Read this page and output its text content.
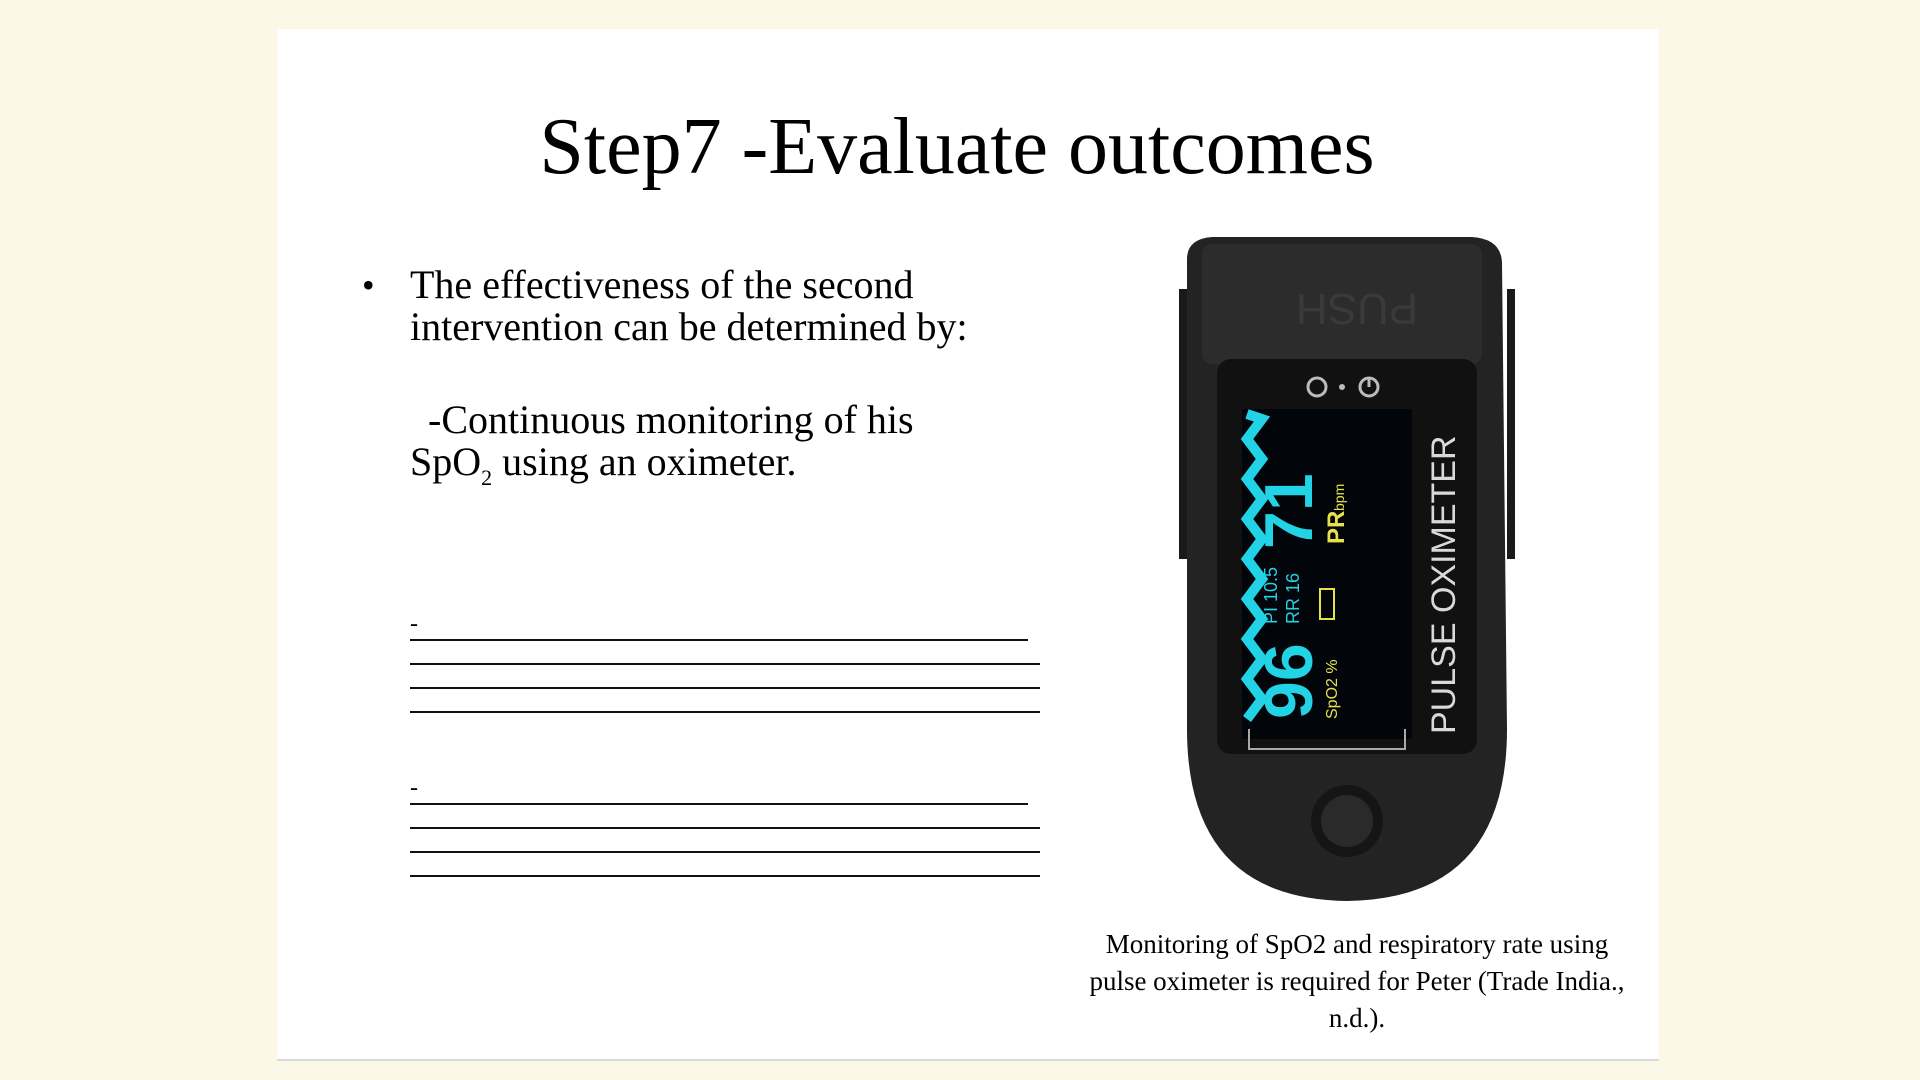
Step7 -Evaluate outcomes
• The effectiveness of the second intervention can be determined by:
-Continuous monitoring of his
SpO$_2$ using an oximeter.
-
-
PUSH
96
SpO2 %
PI 10.5 RR 16
71
PR
bpm PULSE OXIMETER
Monitoring of SpO2 and respiratory rate using pulse oximeter is required for Peter (Trade India., n.d.).
